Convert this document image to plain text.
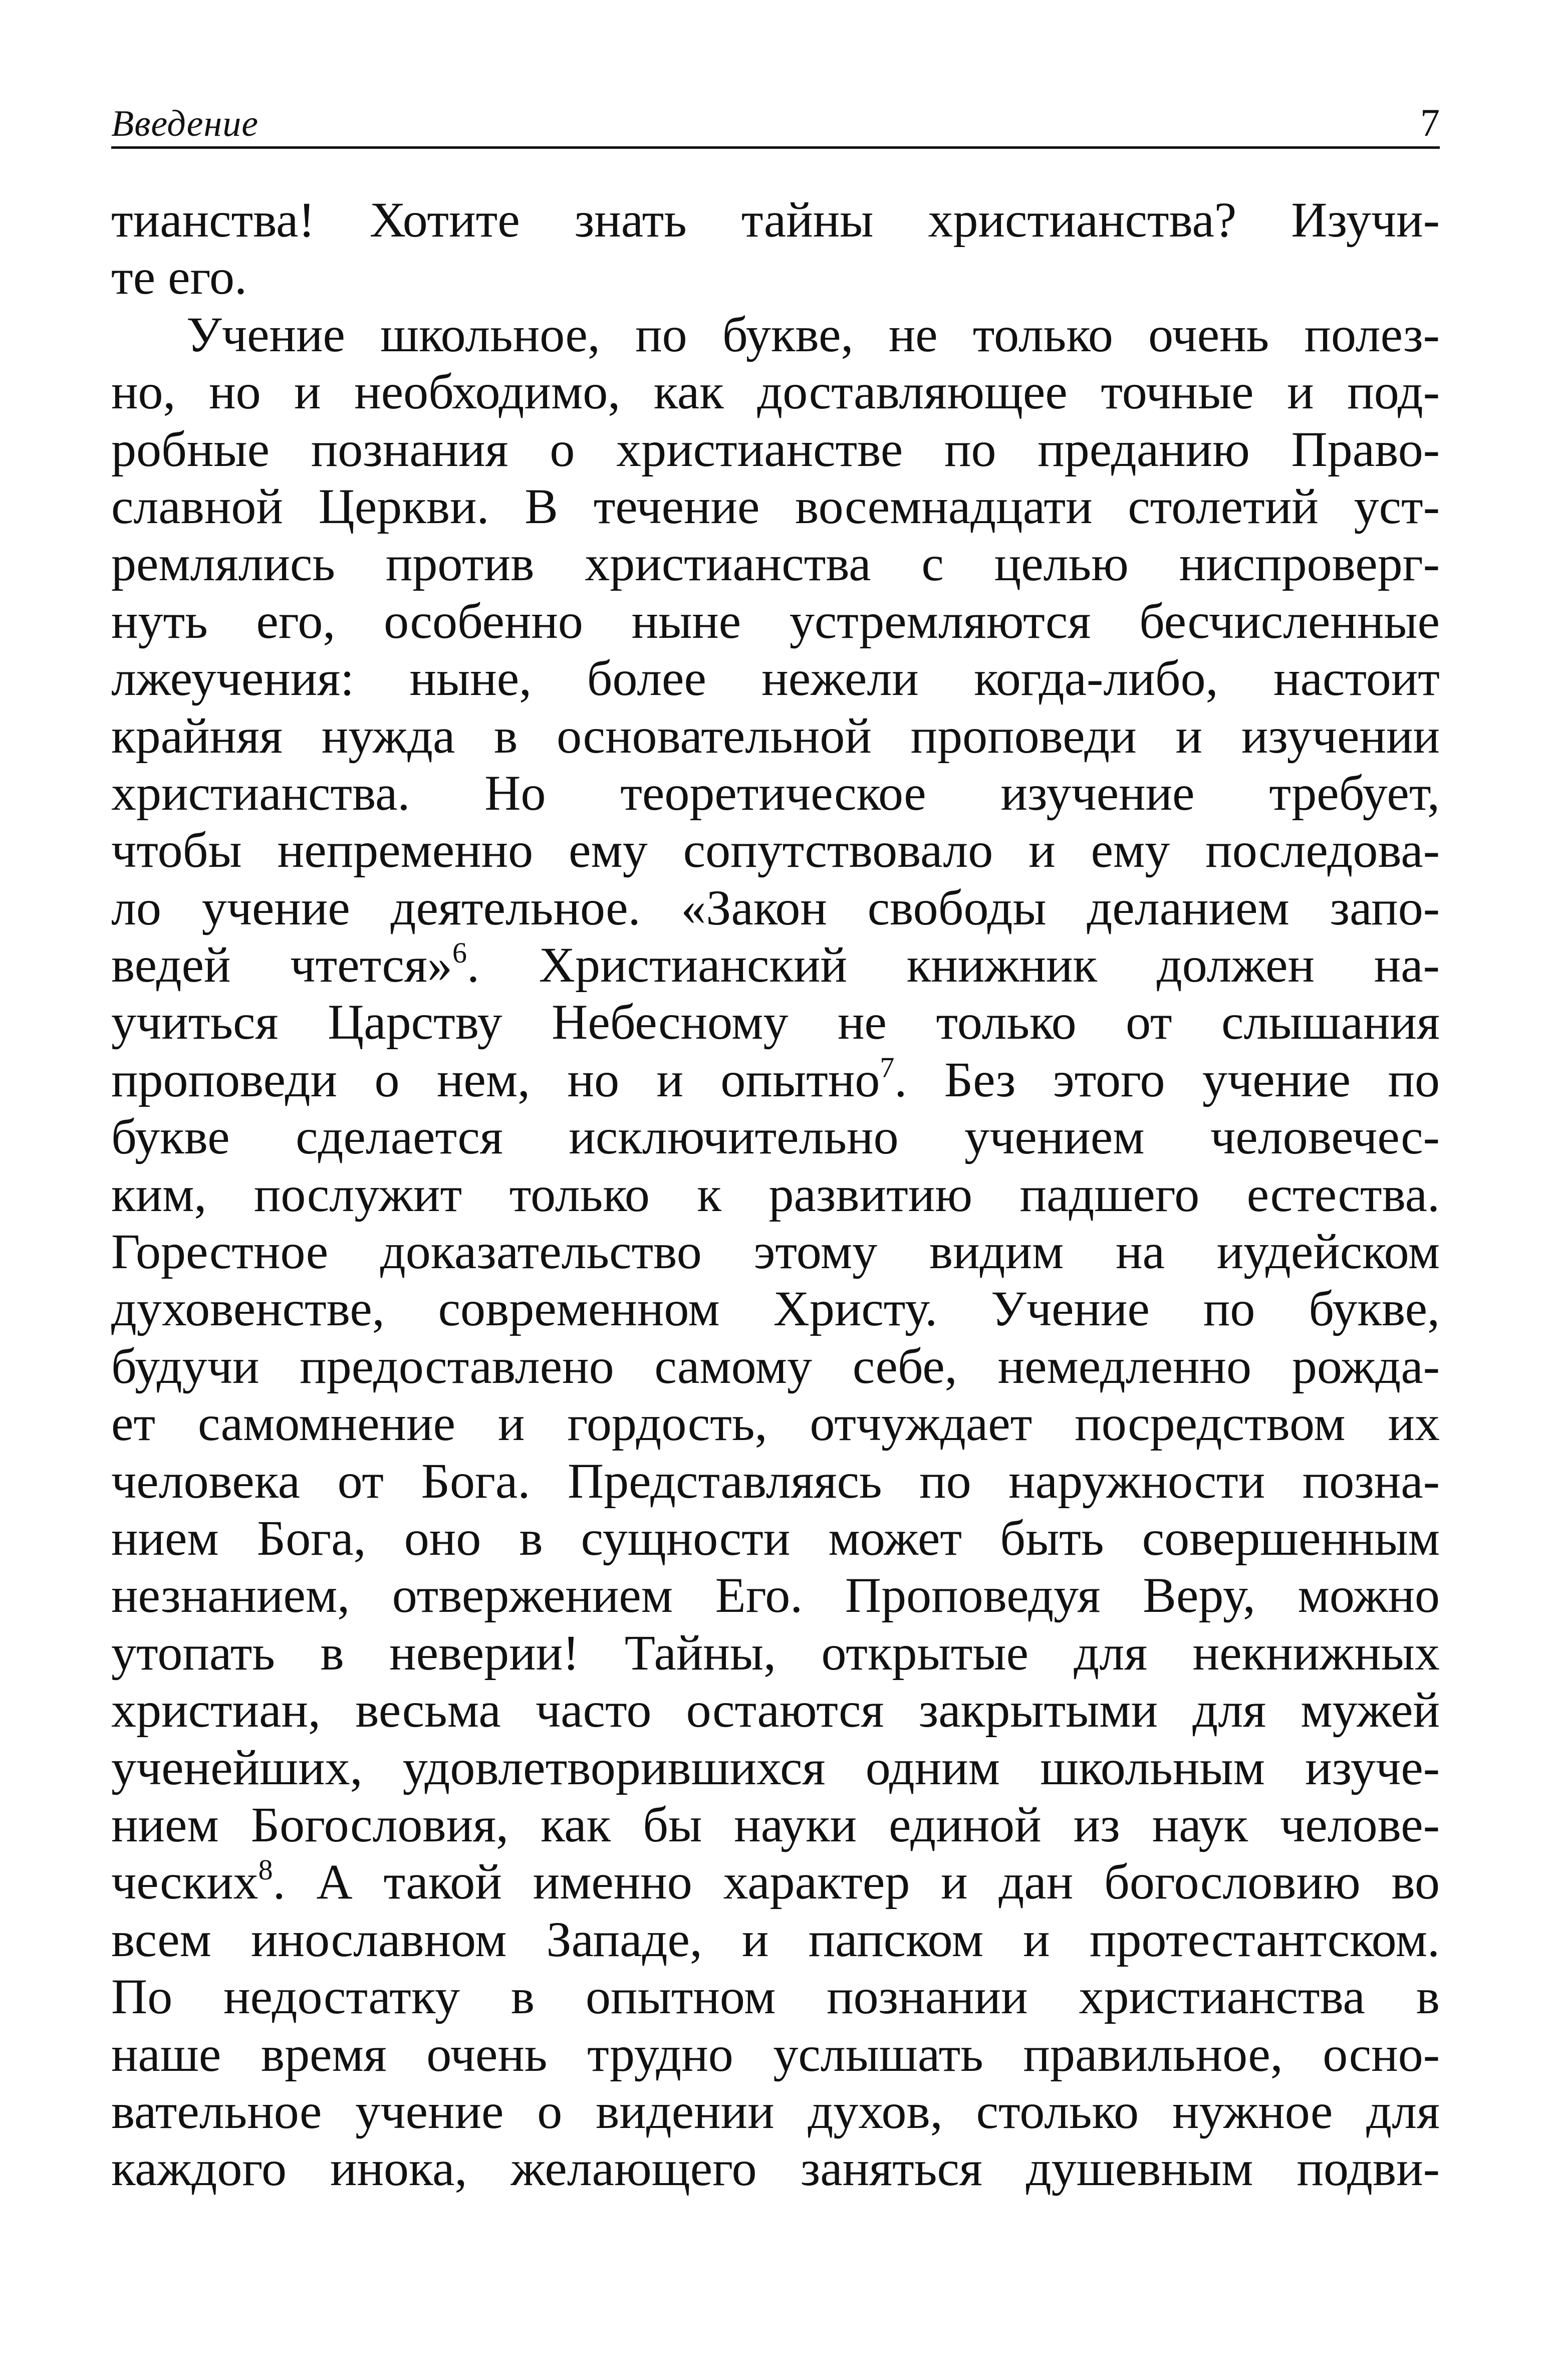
Введение	7
тианства! Хотите знать тайны христианства? Изучи-
те его.
Учение школьное, по букве, не только очень полез-
но, но и необходимо, как доставляющее точные и под-
робные познания о христианстве по преданию Право-
славной Церкви. В течение восемнадцати столетий уст-
ремлялись против христианства с целью ниспроверг-
нуть его, особенно ныне устремляются бесчисленные
лжеучения: ныне, более нежели когда-либо, настоит
крайняя нужда в основательной проповеди и изучении
христианства. Но теоретическое изучение требует,
чтобы непременно ему сопутствовало и ему последова-
ло учение деятельное. «Закон свободы деланием запо-
ведей чтется»$^6$. Христианский книжник должен на-
учиться Царству Небесному не только от слышания
проповеди о нем, но и опытно$^7$. Без этого учение по
букве сделается исключительно учением человечес-
ким, послужит только к развитию падшего естества.
Горестное доказательство этому видим на иудейском
духовенстве, современном Христу. Учение по букве,
будучи предоставлено самому себе, немедленно рожда-
ет самомнение и гордость, отчуждает посредством их
человека от Бога. Представляясь по наружности позна-
нием Бога, оно в сущности может быть совершенным
незнанием, отвержением Его. Проповедуя Веру, можно
утопать в неверии! Тайны, открытые для некнижных
христиан, весьма часто остаются закрытыми для мужей
ученейших, удовлетворившихся одним школьным изуче-
нием Богословия, как бы науки единой из наук челове-
ческих$^8$. А такой именно характер и дан богословию во
всем инославном Западе, и папском и протестантском.
По недостатку в опытном познании христианства в
наше время очень трудно услышать правильное, осно-
вательное учение о видении духов, столько нужное для
каждого инока, желающего заняться душевным подви-
